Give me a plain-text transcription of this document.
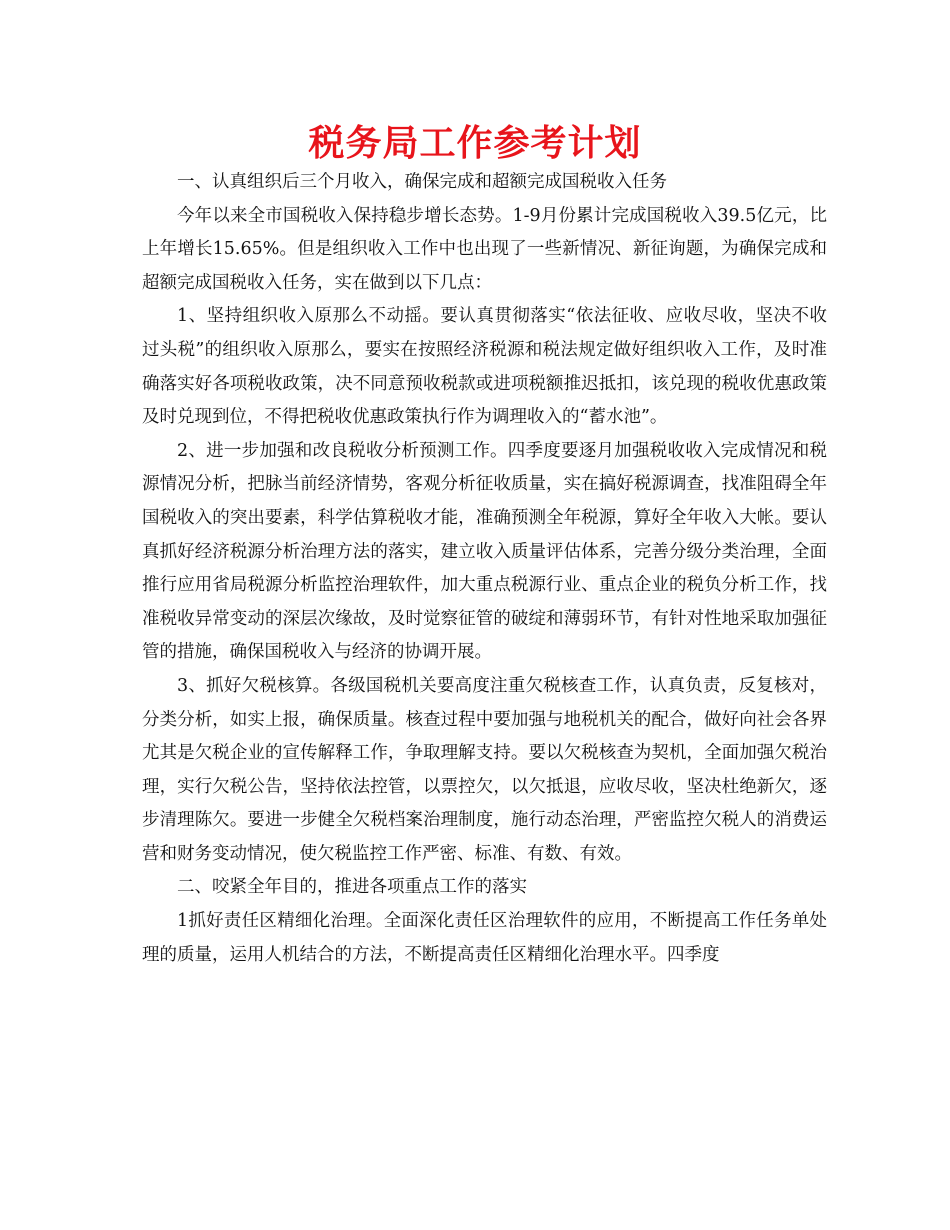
税务局工作参考计划

一、认真组织后三个月收入，确保完成和超额完成国税收入任务

今年以来全市国税收入保持稳步增长态势。1-9月份累计完成国税收入39.5亿元，比上年增长15.65%。但是组织收入工作中也出现了一些新情况、新征询题，为确保完成和超额完成国税收入任务，实在做到以下几点：

1、坚持组织收入原那么不动摇。要认真贯彻落实“依法征收、应收尽收，坚决不收过头税”的组织收入原那么，要实在按照经济税源和税法规定做好组织收入工作，及时准确落实好各项税收政策，决不同意预收税款或进项税额推迟抵扣，该兑现的税收优惠政策及时兑现到位，不得把税收优惠政策执行作为调理收入的“蓄水池”。

2、进一步加强和改良税收分析预测工作。四季度要逐月加强税收收入完成情况和税源情况分析，把脉当前经济情势，客观分析征收质量，实在搞好税源调查，找准阻碍全年国税收入的突出要素，科学估算税收才能，准确预测全年税源，算好全年收入大帐。要认真抓好经济税源分析治理方法的落实，建立收入质量评估体系，完善分级分类治理，全面推行应用省局税源分析监控治理软件，加大重点税源行业、重点企业的税负分析工作，找准税收异常变动的深层次缘故，及时觉察征管的破绽和薄弱环节，有针对性地采取加强征管的措施，确保国税收入与经济的协调开展。

3、抓好欠税核算。各级国税机关要高度注重欠税核查工作，认真负责，反复核对，分类分析，如实上报，确保质量。核查过程中要加强与地税机关的配合，做好向社会各界尤其是欠税企业的宣传解释工作，争取理解支持。要以欠税核查为契机，全面加强欠税治理，实行欠税公告，坚持依法控管，以票控欠，以欠抵退，应收尽收，坚决杜绝新欠，逐步清理陈欠。要进一步健全欠税档案治理制度，施行动态治理，严密监控欠税人的消费运营和财务变动情况，使欠税监控工作严密、标准、有数、有效。

二、咬紧全年目的，推进各项重点工作的落实

1抓好责任区精细化治理。全面深化责任区治理软件的应用，不断提高工作任务单处理的质量，运用人机结合的方法，不断提高责任区精细化治理水平。四季度
